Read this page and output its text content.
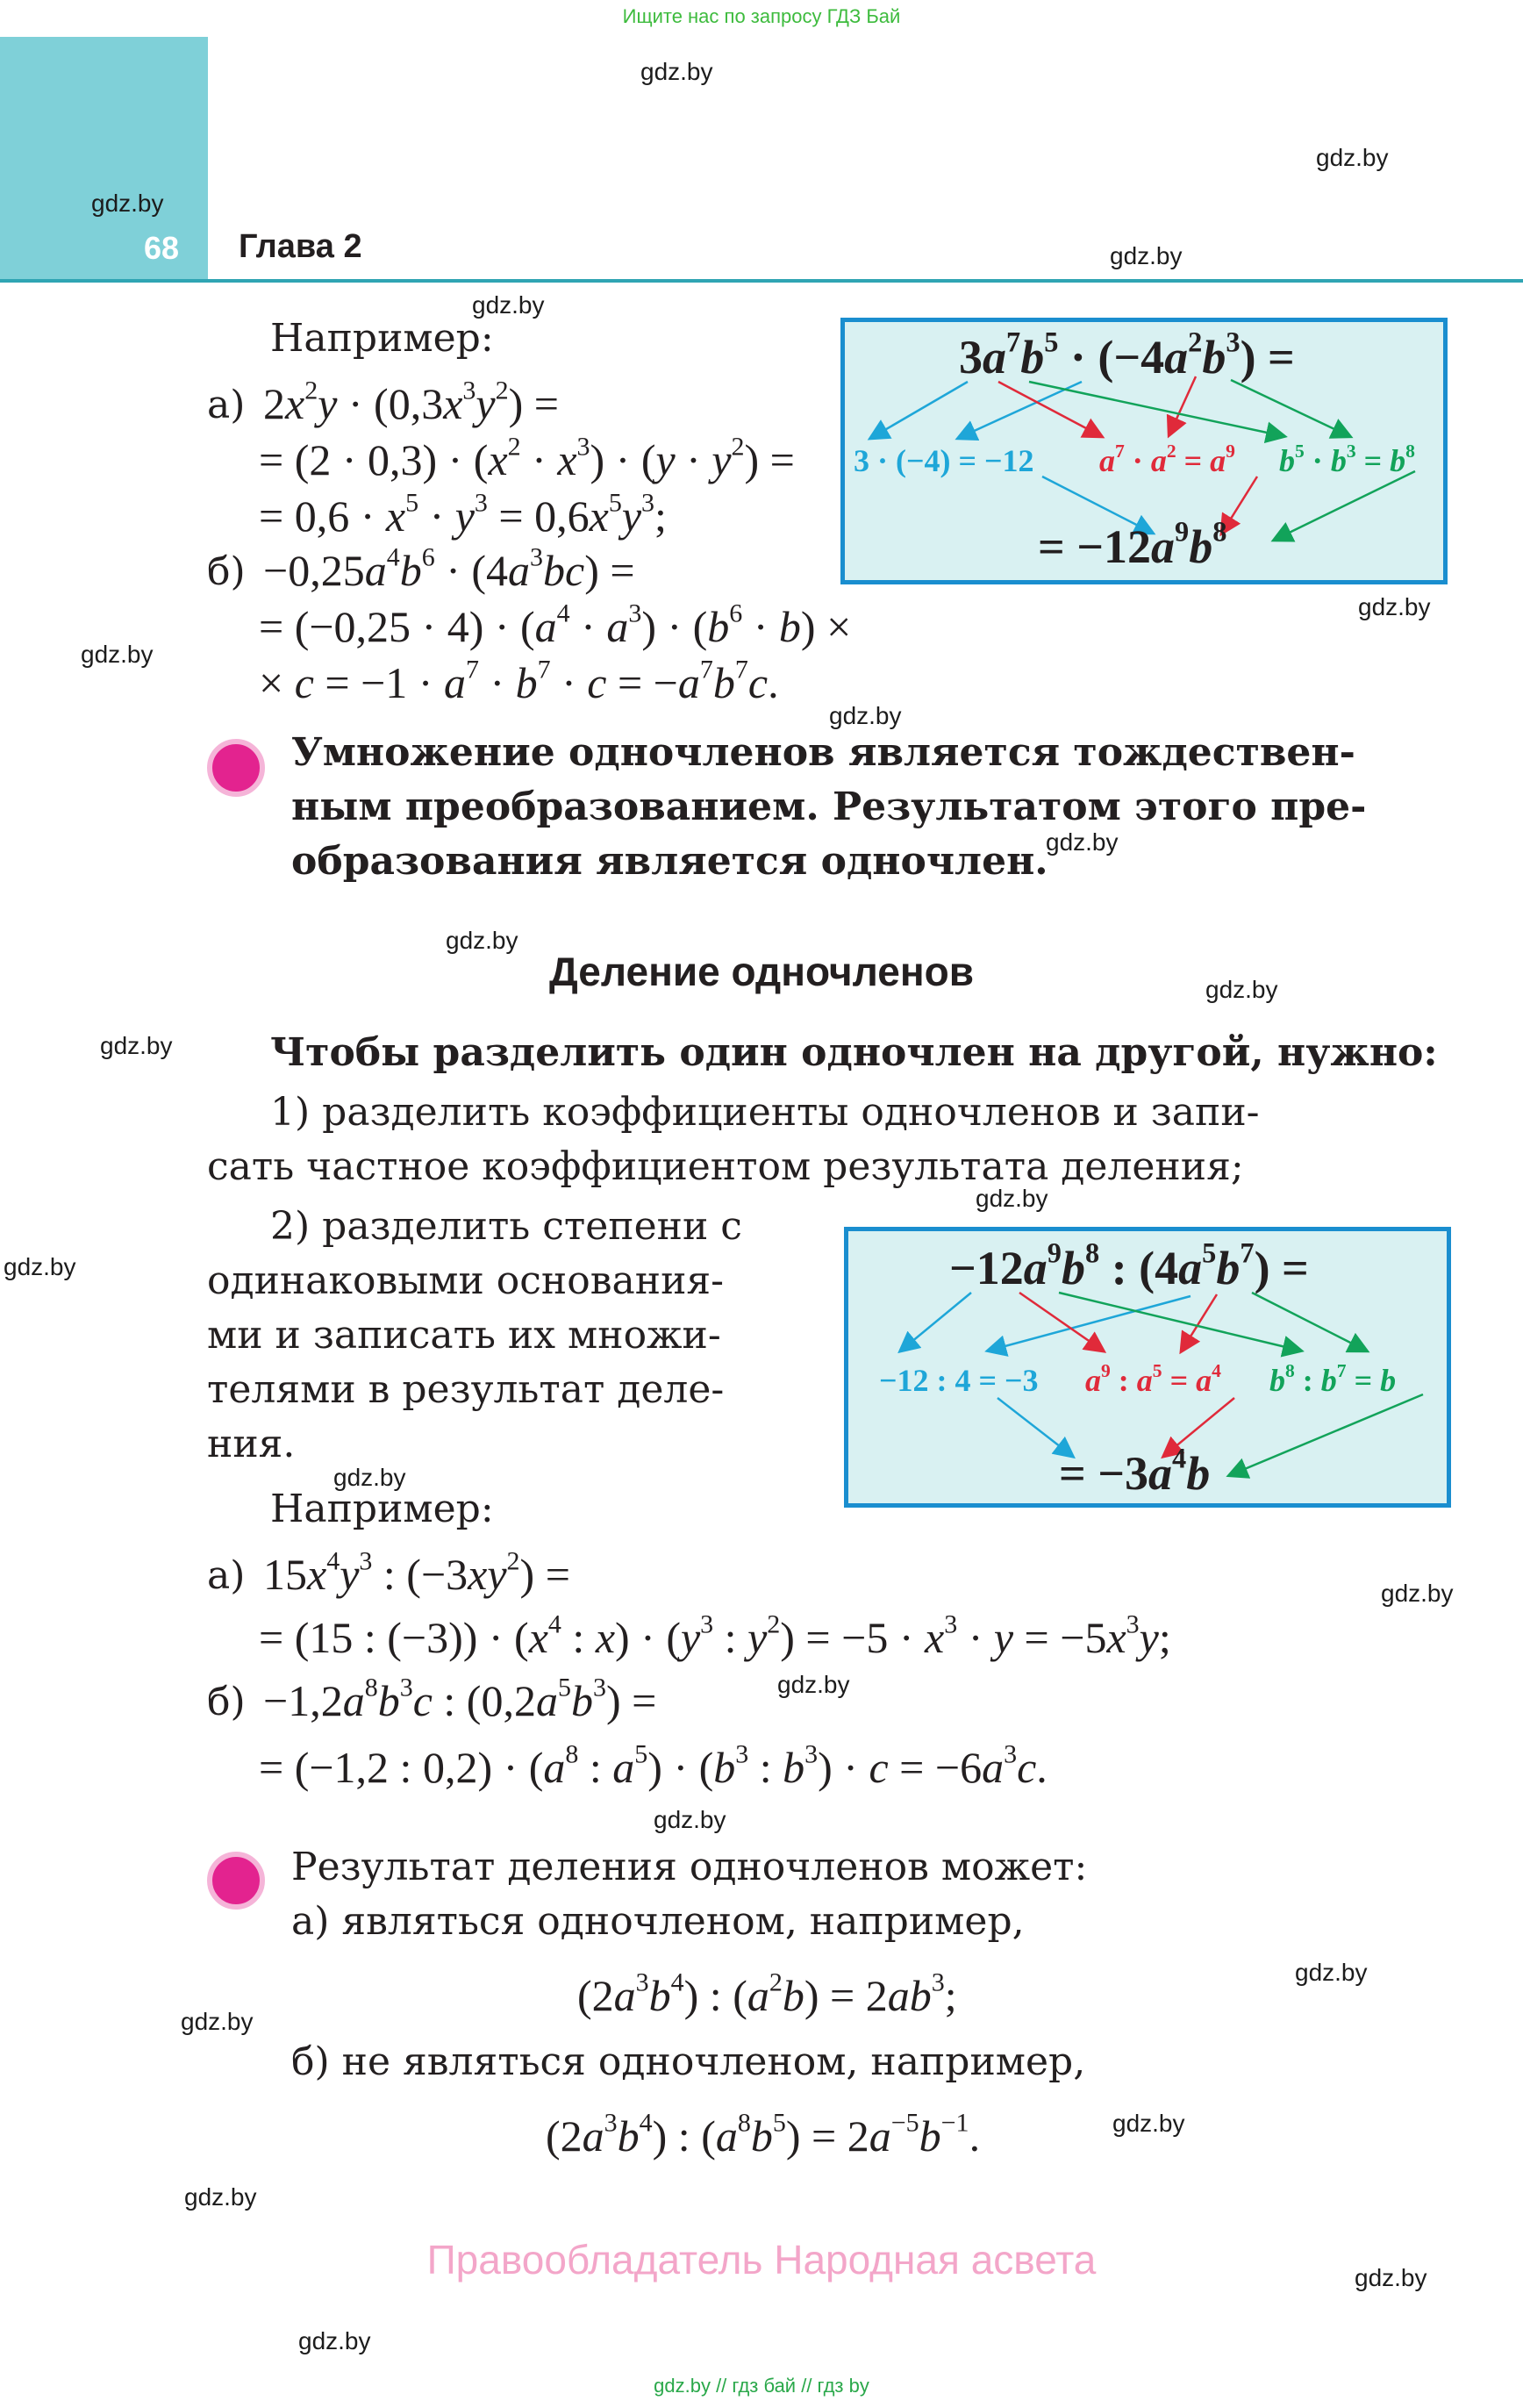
Ищите нас по запросу ГДЗ Бай
68 Глава 2
gdz.by
gdz.by
gdz.by
gdz.by
gdz.by
gdz.by
gdz.by
gdz.by
gdz.by
gdz.by
gdz.by
gdz.by
gdz.by
gdz.by
gdz.by
gdz.by
gdz.by
gdz.by
gdz.by
gdz.by
gdz.by
gdz.by
gdz.by
gdz.by
Например:
а) $2x^2y \cdot (0,3x^3y^2)$ =
= $(2 \cdot 0,3) \cdot (x^2 \cdot x^3) \cdot (y \cdot y^2)$ =
= $0,6 \cdot x^5 \cdot y^3 = 0,6x^5y^3$;
$б) -0,25a^4b^6 \cdot (4a^3bc)$ =
= $(-0,25 \cdot 4) \cdot (a^4 \cdot a^3) \cdot (b^6 \cdot b)$ ×
× $c = -1 \cdot a^7 \cdot b^7 \cdot c = -a^7b^7c$.
$3a^7b^5 \cdot (-4a^2b^3)$ =
3 · (−4) = −12 $a^7 \cdot a^2 = a^9$ $b^5 \cdot b^3 = b^8$
= $-12a^9b^8$
Умножение одночленов является тождествен-
ным преобразованием. Результатом этого пре-
образования является одночлен.
Деление одночленов
Чтобы разделить один одночлен на другой, нужно:
1) разделить коэффициенты одночленов и запи-
сать частное коэффициентом результата деления;
2) разделить степени с
одинаковыми основания-
ми и записать их множи-
телями в результат деле-
ния.
$-12a^9b^8$ : $(4a^5b^7)$ =
−12 : 4 = −3 $a^9$ : $a^5 = a^4$ $b^8$ : $b^7 = b$
= $-3a^4b$
Например:
а) $15x^4y^3$ : $(-3xy^2)$ =
= (15 : $(-3)) \cdot (x^4$ : $x) \cdot (y^3$ : $y^2) = -5 \cdot x^3 \cdot y = -5x^3y$;
$б) -1,2a^8b^3c$ : $(0,2a^5b^3)$ =
= (−1,2 : $0,2) \cdot (a^8$ : $a^5) \cdot (b^3$ : $b^3) \cdot c = -6a^3c$.
Результат деления одночленов может:
а) являться одночленом, например,
$(2a^3b^4)$ : $(a^2b) = 2ab^3$;
б) не являться одночленом, например,
$(2a^3b^4)$ : $(a^8b^5) = 2a^{-5}b^{-1}$.
Правообладатель Народная асвета
gdz.by // гдз бай // гдз by
